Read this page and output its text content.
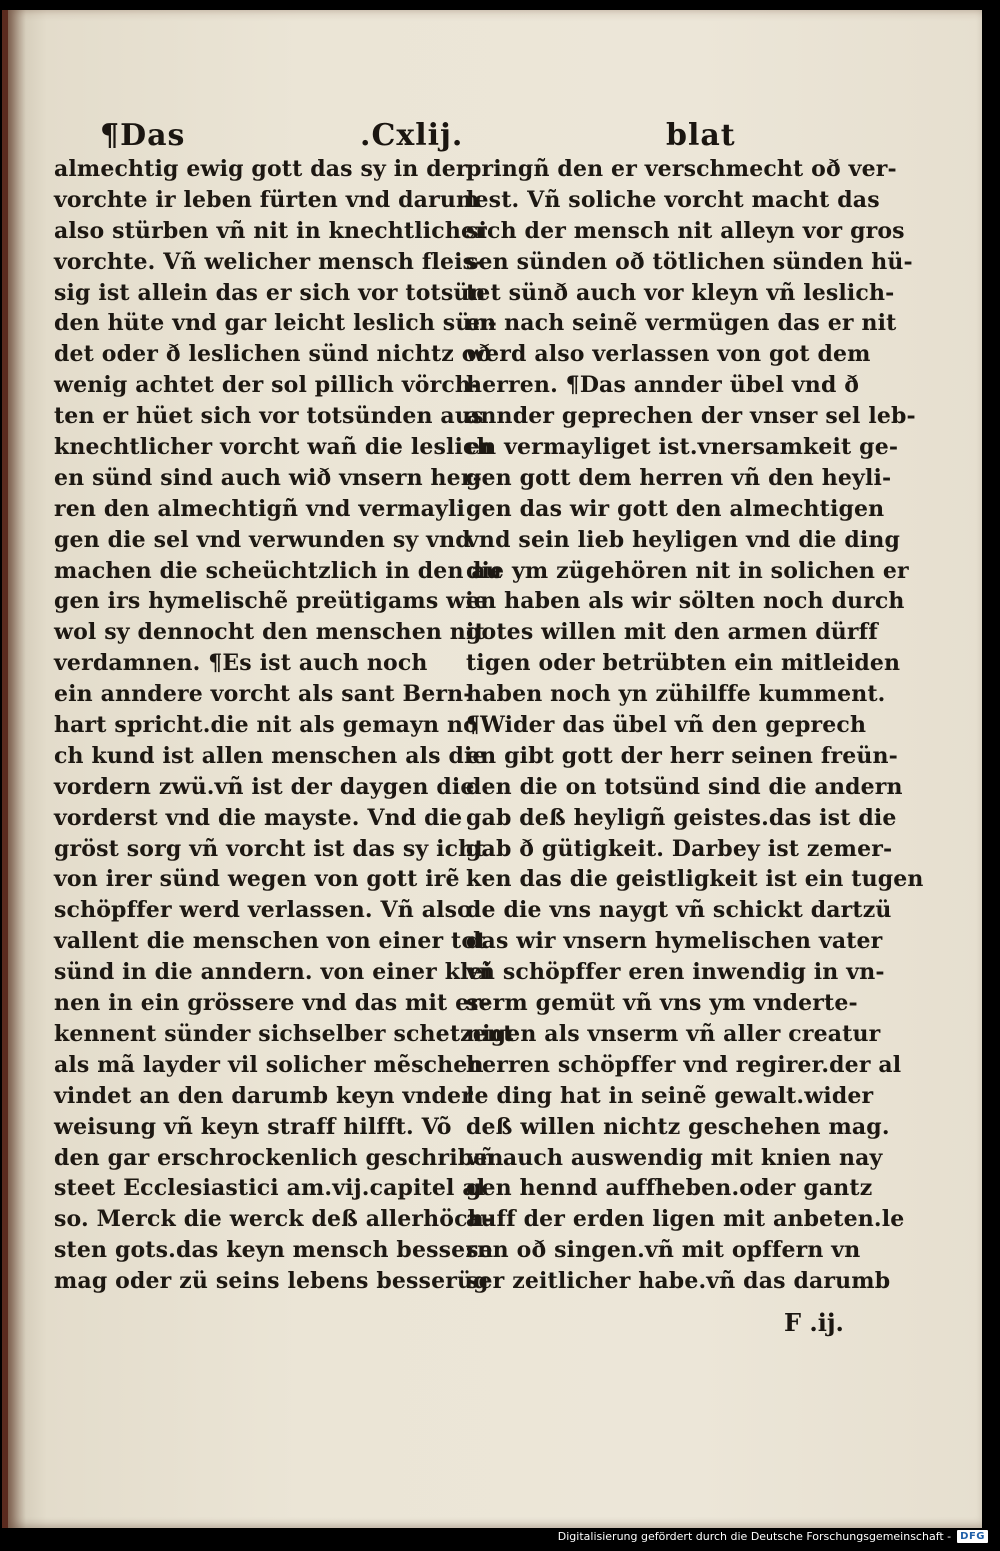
¶Das	.Cxlij.	blat
almechtig ewig gott das sy in der
vorchte ir leben fürten vnd darum
also stürben vñ nit in knechtlicher
vorchte. Vñ welicher mensch fleis-
sig ist allein das er sich vor totsün
den hüte vnd gar leicht leslich sün-
det oder ð leslichen sünd nichtz oð
wenig achtet der sol pillich vörch-
ten er hüet sich vor totsünden aus
knechtlicher vorcht wañ die leslich
en sünd sind auch wið vnsern her-
ren den almechtigñ vnd vermayli
gen die sel vnd verwunden sy vnd
machen die scheüchtzlich in den au
gen irs hymelischẽ preütigams wie
wol sy dennocht den menschen nit
verdamnen. ¶Es ist auch noch
ein anndere vorcht als sant Bern-
hart spricht.die nit als gemayn no
ch kund ist allen menschen als die
vordern zwü.vñ ist der daygen die
vorderst vnd die mayste. Vnd die
gröst sorg vñ vorcht ist das sy icht
von irer sünd wegen von gott irẽ
schöpffer werd verlassen. Vñ also
vallent die menschen von einer tot
sünd in die anndern. von einer klei
nen in ein grössere vnd das mit er-
kennent sünder sichselber schetzent
als mã layder vil solicher mẽschen
vindet an den darumb keyn vnder
weisung vñ keyn straff hilfft. Võ
den gar erschrockenlich geschriben
steet Ecclesiastici am.vij.capitel al
so. Merck die werck deß allerhöch-
sten gots.das keyn mensch bessern
mag oder zü seins lebens besserüg
pringñ den er verschmecht oð ver-
lest. Vñ soliche vorcht macht das
sich der mensch nit alleyn vor gros
sen sünden oð tötlichen sünden hü-
tet sünð auch vor kleyn vñ leslich-
en nach seinẽ vermügen das er nit
werd also verlassen von got dem
herren. ¶Das annder übel vnd ð
annder geprechen der vnser sel leb-
en vermayliget ist.vnersamkeit ge-
gen gott dem herren vñ den heyli-
gen das wir gott den almechtigen
vnd sein lieb heyligen vnd die ding
die ym zügehören nit in solichen er
en haben als wir sölten noch durch
gotes willen mit den armen dürff
tigen oder betrübten ein mitleiden
haben noch yn zühilffe kumment.
¶Wider das übel vñ den geprech
en gibt gott der herr seinen freün-
den die on totsünd sind die andern
gab deß heyligñ geistes.das ist die
gab ð gütigkeit. Darbey ist zemer-
ken das die geistligkeit ist ein tugen
de die vns naygt vñ schickt dartzü
das wir vnsern hymelischen vater
vñ schöpffer eren inwendig in vn-
serm gemüt vñ vns ym vnderte-
nigen als vnserm vñ aller creatur
herren schöpffer vnd regirer.der al
le ding hat in seinẽ gewalt.wider
deß willen nichtz geschehen mag.
vñ auch auswendig mit knien nay
gen hennd auffheben.oder gantz
auff der erden ligen mit anbeten.le
sen oð singen.vñ mit opffern vn
ser zeitlicher habe.vñ das darumb
F .ij.
Digitalisierung gefördert durch die Deutsche Forschungsgemeinschaft - DFG
